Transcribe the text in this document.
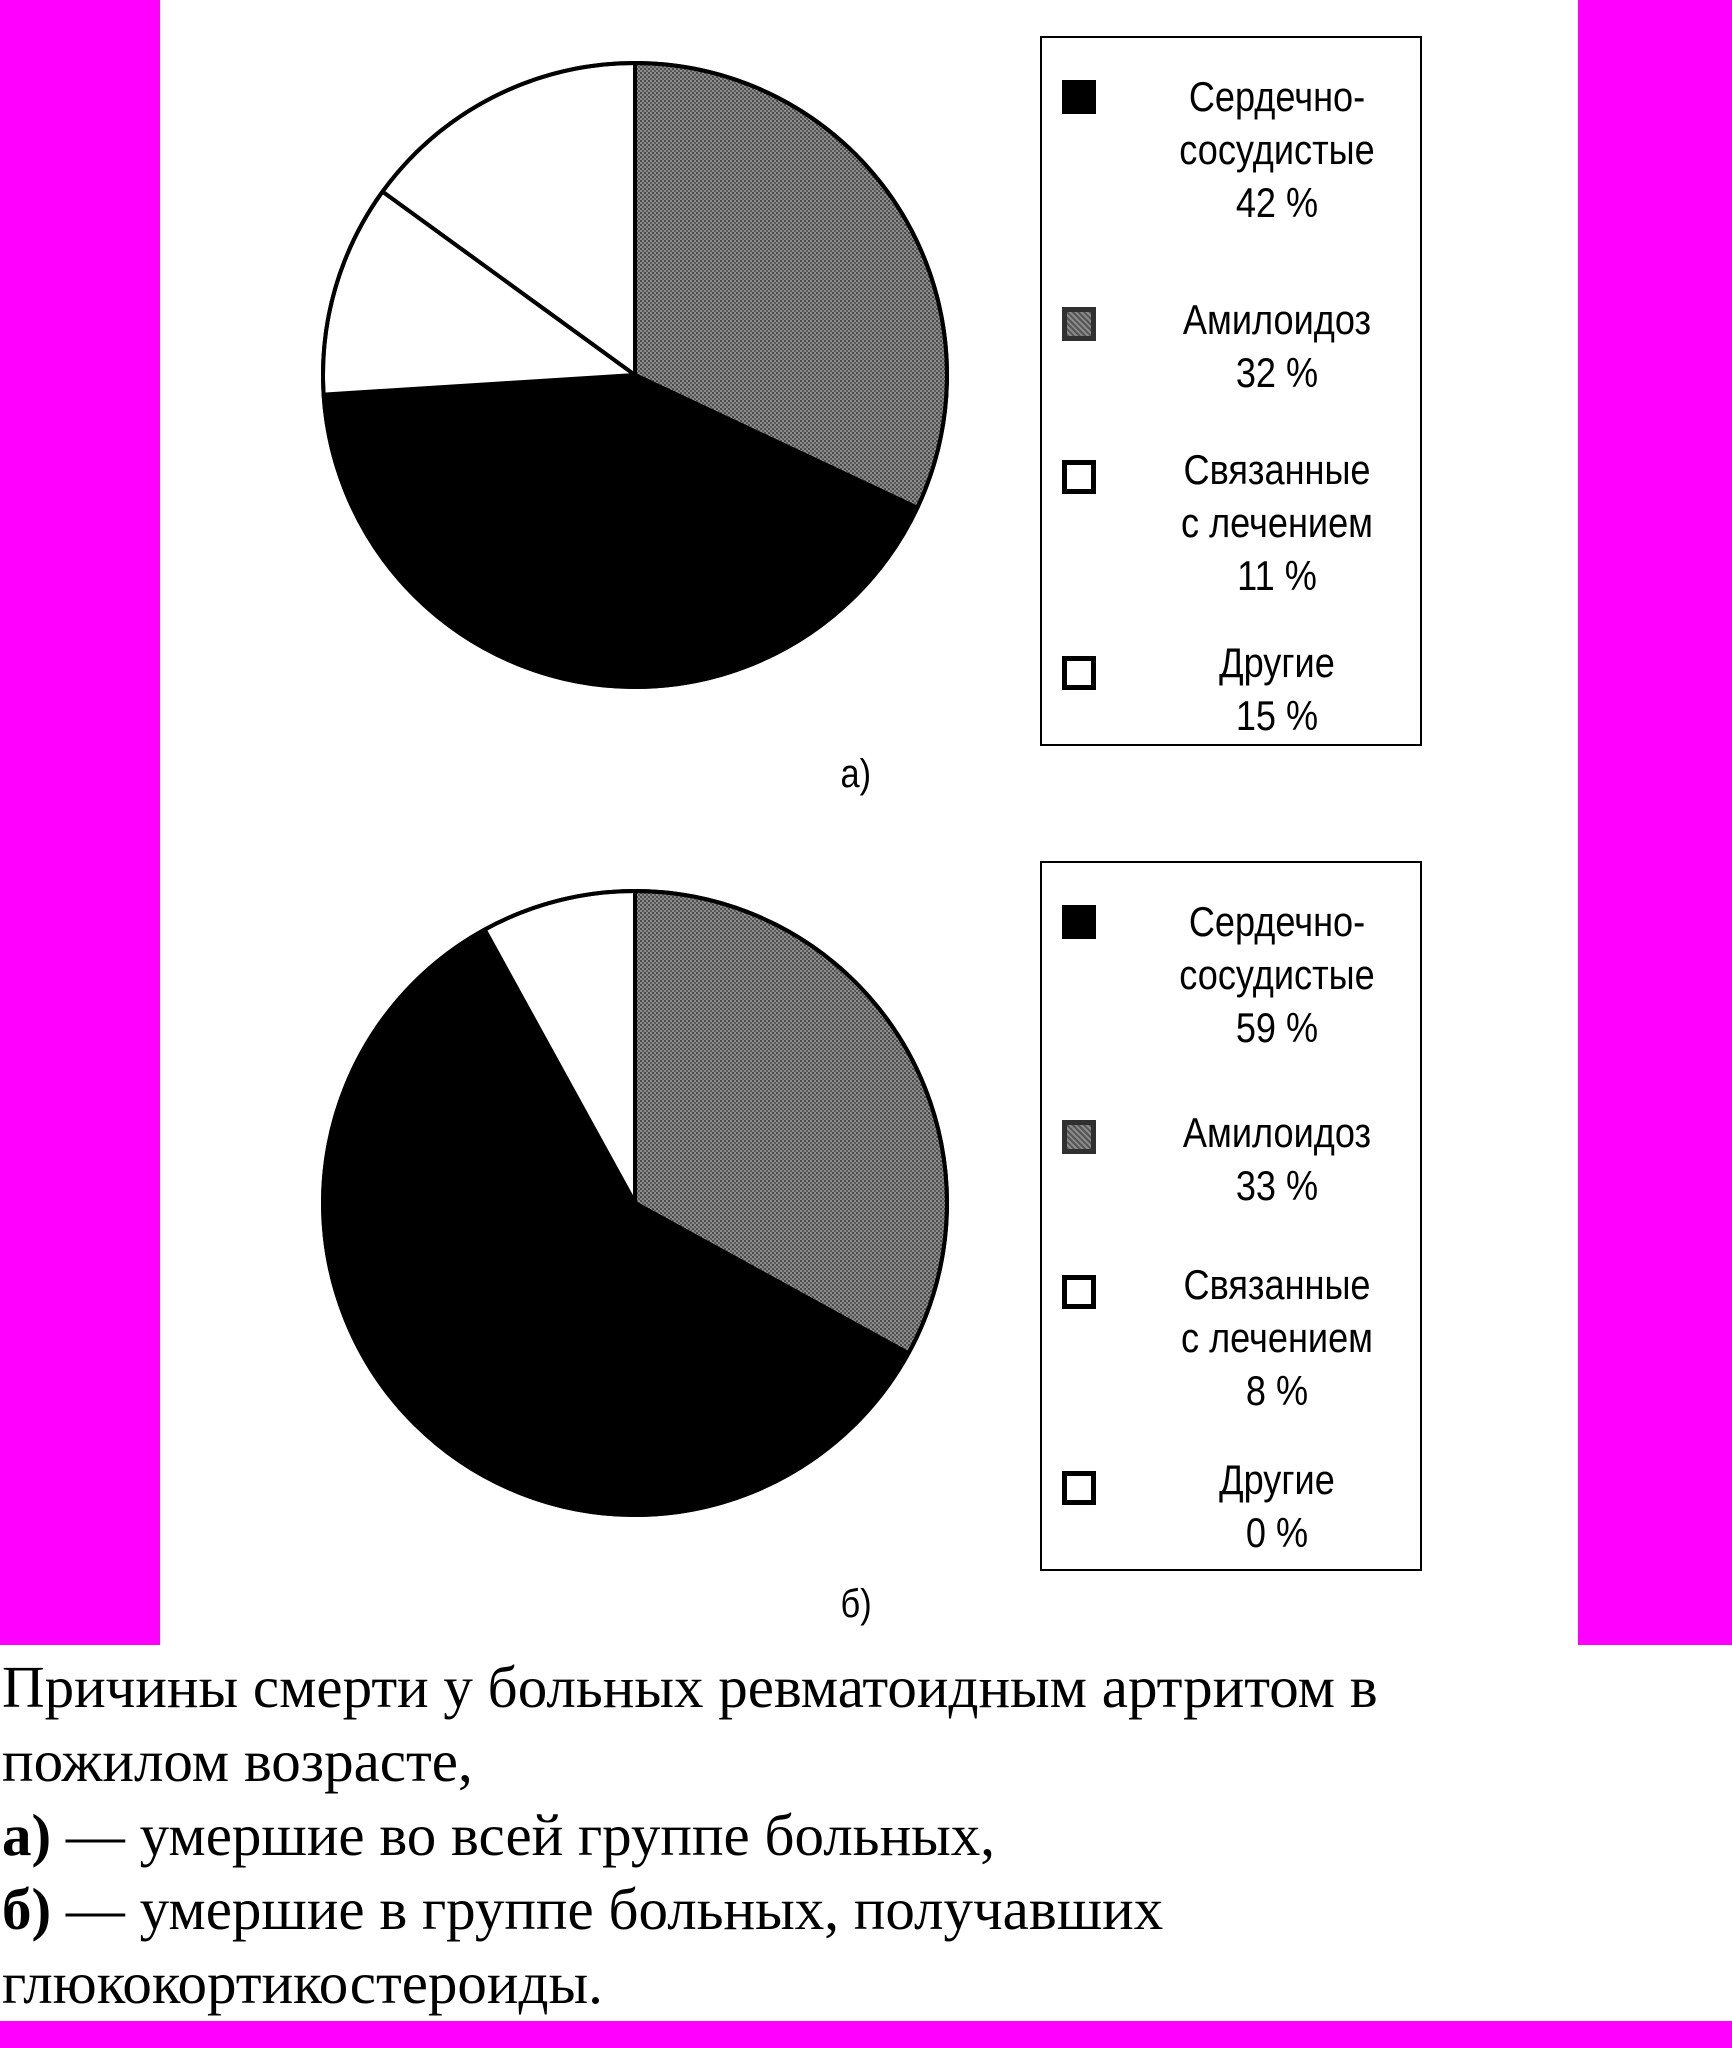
Сердечно-
сосудистые
42 %
Амилоидоз
32 %
Связанные
с лечением
11 %
Другие
15 %
Сердечно-
сосудистые
59 %
Амилоидоз
33 %
Связанные
с лечением
8 %
Другие
0 %
а)
б)
Причины смерти у больных ревматоидным артритом в
пожилом возрасте,
а) — умершие во всей группе больных,
б) — умершие в группе больных, получавших
глюкокортикостероиды.
